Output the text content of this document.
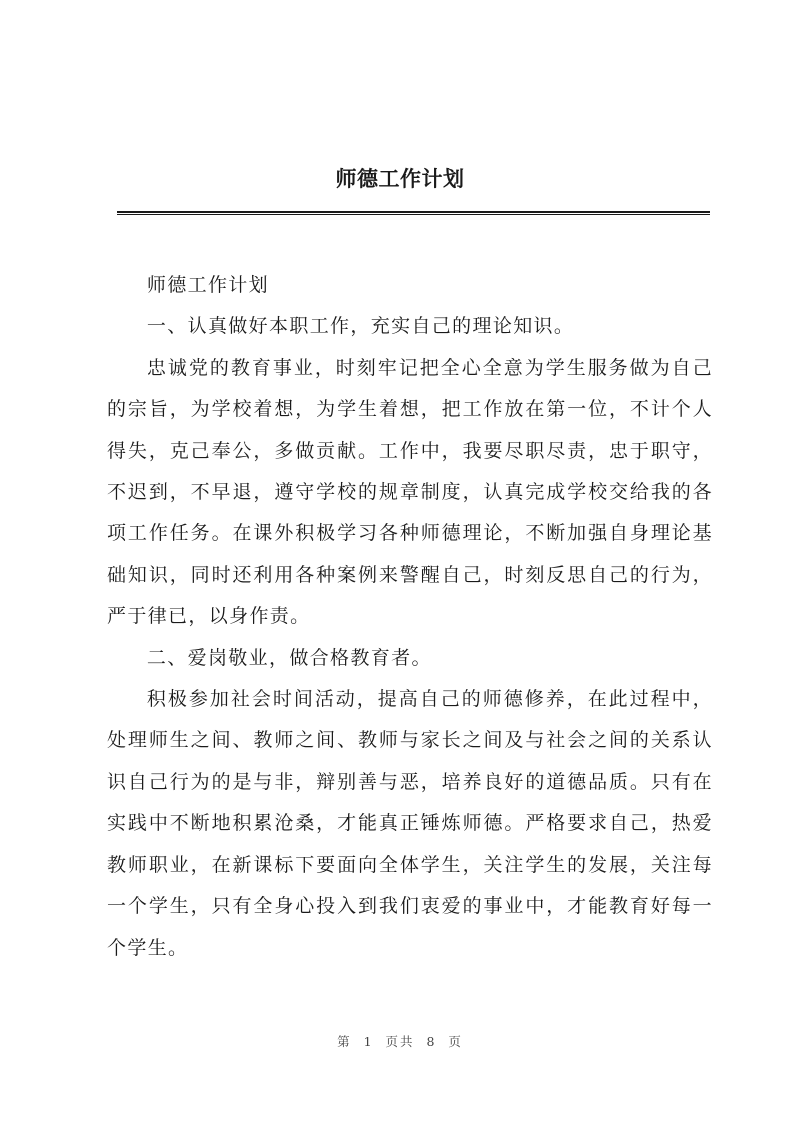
师德工作计划

师德工作计划

一、认真做好本职工作，充实自己的理论知识。

忠诚党的教育事业，时刻牢记把全心全意为学生服务做为自己的宗旨，为学校着想，为学生着想，把工作放在第一位，不计个人得失，克己奉公，多做贡献。工作中，我要尽职尽责，忠于职守，不迟到，不早退，遵守学校的规章制度，认真完成学校交给我的各项工作任务。在课外积极学习各种师德理论，不断加强自身理论基础知识，同时还利用各种案例来警醒自己，时刻反思自己的行为，严于律已，以身作责。

二、爱岗敬业，做合格教育者。

积极参加社会时间活动，提高自己的师德修养，在此过程中，处理师生之间、教师之间、教师与家长之间及与社会之间的关系认识自己行为的是与非，辩别善与恶，培养良好的道德品质。只有在实践中不断地积累沧桑，才能真正锤炼师德。严格要求自己，热爱教师职业，在新课标下要面向全体学生，关注学生的发展，关注每一个学生，只有全身心投入到我们衷爱的事业中，才能教育好每一个学生。

第 1 页共 8 页
